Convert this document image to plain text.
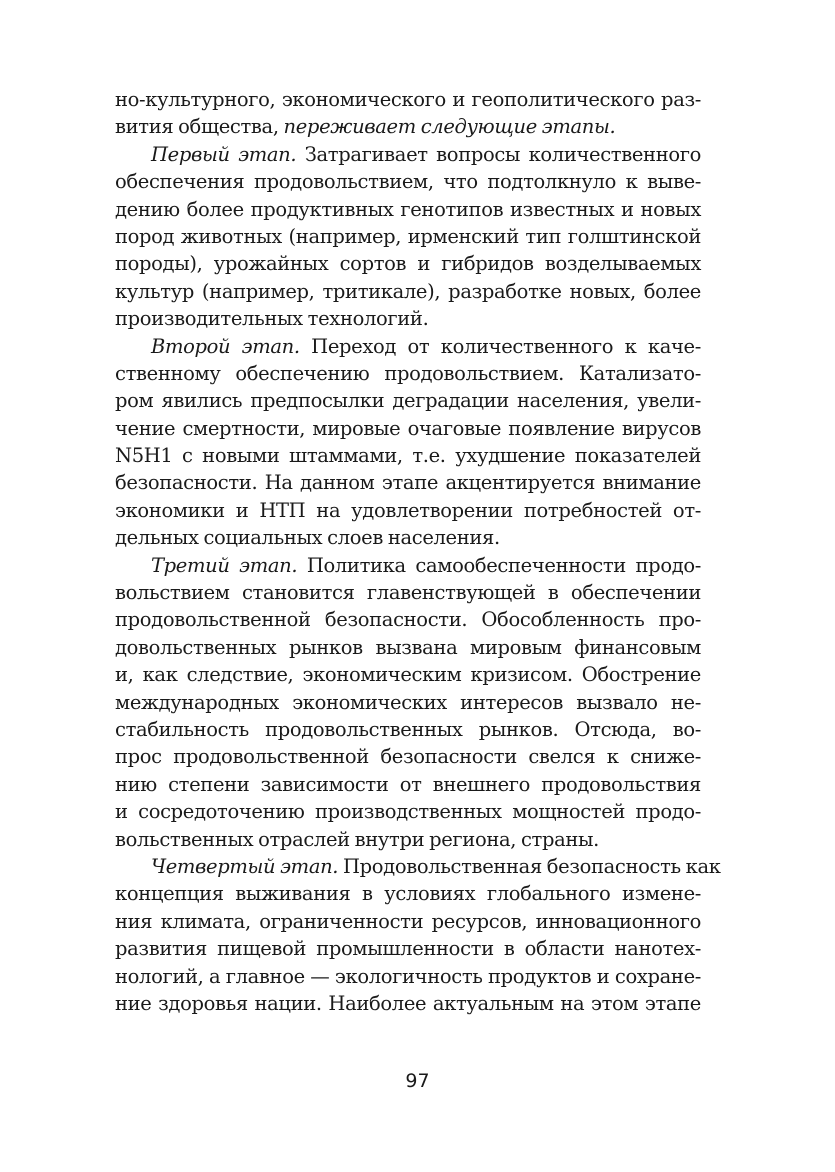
но-культурного, экономического и геополитического раз-
вития общества, переживает следующие этапы.
Первый этап. Затрагивает вопросы количественного
обеспечения продовольствием, что подтолкнуло к выве-
дению более продуктивных генотипов известных и новых
пород животных (например, ирменский тип голштинской
породы), урожайных сортов и гибридов возделываемых
культур (например, тритикале), разработке новых, более
производительных технологий.
Второй этап. Переход от количественного к каче-
ственному обеспечению продовольствием. Катализато-
ром явились предпосылки деградации населения, увели-
чение смертности, мировые очаговые появление вирусов
N5H1 с новыми штаммами, т.е. ухудшение показателей
безопасности. На данном этапе акцентируется внимание
экономики и НТП на удовлетворении потребностей от-
дельных социальных слоев населения.
Третий этап. Политика самообеспеченности продо-
вольствием становится главенствующей в обеспечении
продовольственной безопасности. Обособленность про-
довольственных рынков вызвана мировым финансовым
и, как следствие, экономическим кризисом. Обострение
международных экономических интересов вызвало не-
стабильность продовольственных рынков. Отсюда, во-
прос продовольственной безопасности свелся к сниже-
нию степени зависимости от внешнего продовольствия
и сосредоточению производственных мощностей продо-
вольственных отраслей внутри региона, страны.
Четвертый этап. Продовольственная безопасность как
концепция выживания в условиях глобального измене-
ния климата, ограниченности ресурсов, инновационного
развития пищевой промышленности в области нанотех-
нологий, а главное — экологичность продуктов и сохране-
ние здоровья нации. Наиболее актуальным на этом этапе
97
